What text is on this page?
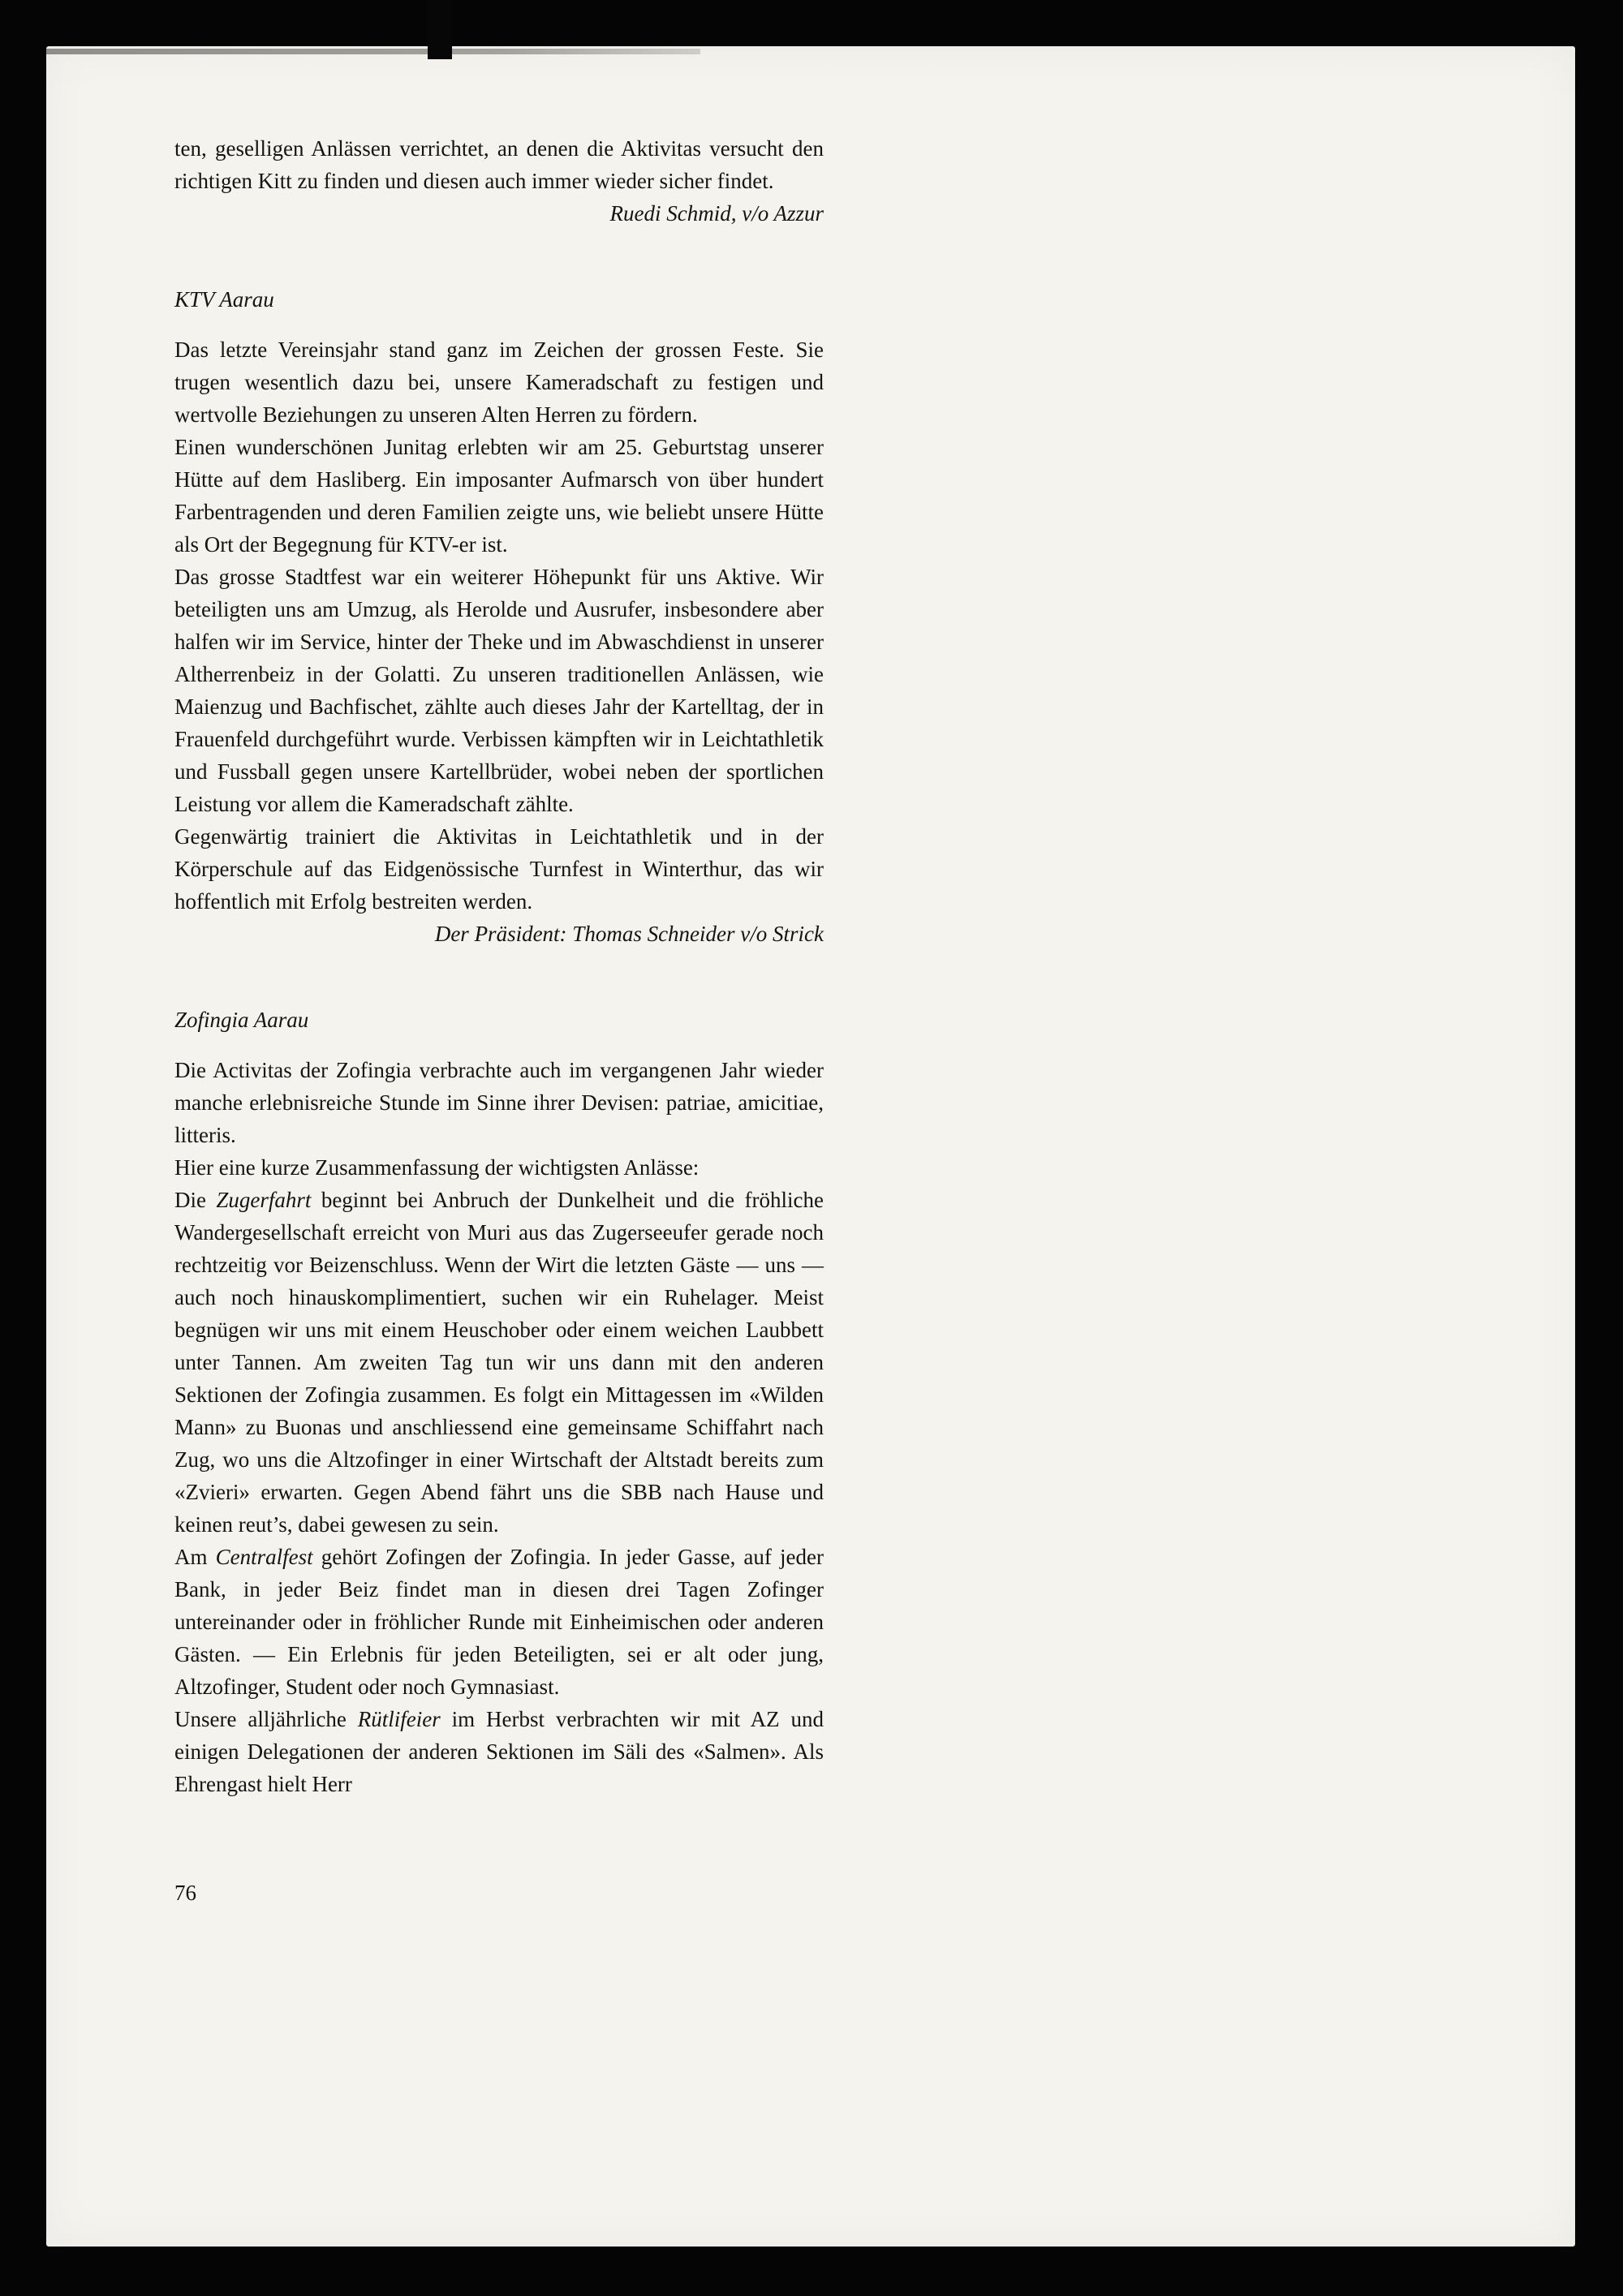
ten, geselligen Anlässen verrichtet, an denen die Aktivitas versucht den richtigen Kitt zu finden und diesen auch immer wieder sicher findet.

Ruedi Schmid, v/o Azzur

KTV Aarau

Das letzte Vereinsjahr stand ganz im Zeichen der grossen Feste. Sie trugen wesentlich dazu bei, unsere Kameradschaft zu festigen und wertvolle Beziehungen zu unseren Alten Herren zu fördern.

Einen wunderschönen Junitag erlebten wir am 25. Geburtstag unserer Hütte auf dem Hasliberg. Ein imposanter Aufmarsch von über hundert Farbentragenden und deren Familien zeigte uns, wie beliebt unsere Hütte als Ort der Begegnung für KTV-er ist.

Das grosse Stadtfest war ein weiterer Höhepunkt für uns Aktive. Wir beteiligten uns am Umzug, als Herolde und Ausrufer, insbesondere aber halfen wir im Service, hinter der Theke und im Abwaschdienst in unserer Altherrenbeiz in der Golatti. Zu unseren traditionellen Anlässen, wie Maienzug und Bachfischet, zählte auch dieses Jahr der Kartelltag, der in Frauenfeld durchgeführt wurde. Verbissen kämpften wir in Leichtathletik und Fussball gegen unsere Kartellbrüder, wobei neben der sportlichen Leistung vor allem die Kameradschaft zählte.

Gegenwärtig trainiert die Aktivitas in Leichtathletik und in der Körperschule auf das Eidgenössische Turnfest in Winterthur, das wir hoffentlich mit Erfolg bestreiten werden.

Der Präsident: Thomas Schneider v/o Strick

Zofingia Aarau

Die Activitas der Zofingia verbrachte auch im vergangenen Jahr wieder manche erlebnisreiche Stunde im Sinne ihrer Devisen: patriae, amicitiae, litteris.

Hier eine kurze Zusammenfassung der wichtigsten Anlässe:

Die Zugerfahrt beginnt bei Anbruch der Dunkelheit und die fröhliche Wandergesellschaft erreicht von Muri aus das Zugerseeufer gerade noch rechtzeitig vor Beizenschluss. Wenn der Wirt die letzten Gäste — uns — auch noch hinauskomplimentiert, suchen wir ein Ruhelager. Meist begnügen wir uns mit einem Heuschober oder einem weichen Laubbett unter Tannen. Am zweiten Tag tun wir uns dann mit den anderen Sektionen der Zofingia zusammen. Es folgt ein Mittagessen im «Wilden Mann» zu Buonas und anschliessend eine gemeinsame Schiffahrt nach Zug, wo uns die Altzofinger in einer Wirtschaft der Altstadt bereits zum «Zvieri» erwarten. Gegen Abend fährt uns die SBB nach Hause und keinen reut’s, dabei gewesen zu sein.

Am Centralfest gehört Zofingen der Zofingia. In jeder Gasse, auf jeder Bank, in jeder Beiz findet man in diesen drei Tagen Zofinger untereinander oder in fröhlicher Runde mit Einheimischen oder anderen Gästen. — Ein Erlebnis für jeden Beteiligten, sei er alt oder jung, Altzofinger, Student oder noch Gymnasiast.

Unsere alljährliche Rütlifeier im Herbst verbrachten wir mit AZ und einigen Delegationen der anderen Sektionen im Säli des «Salmen». Als Ehrengast hielt Herr

76
